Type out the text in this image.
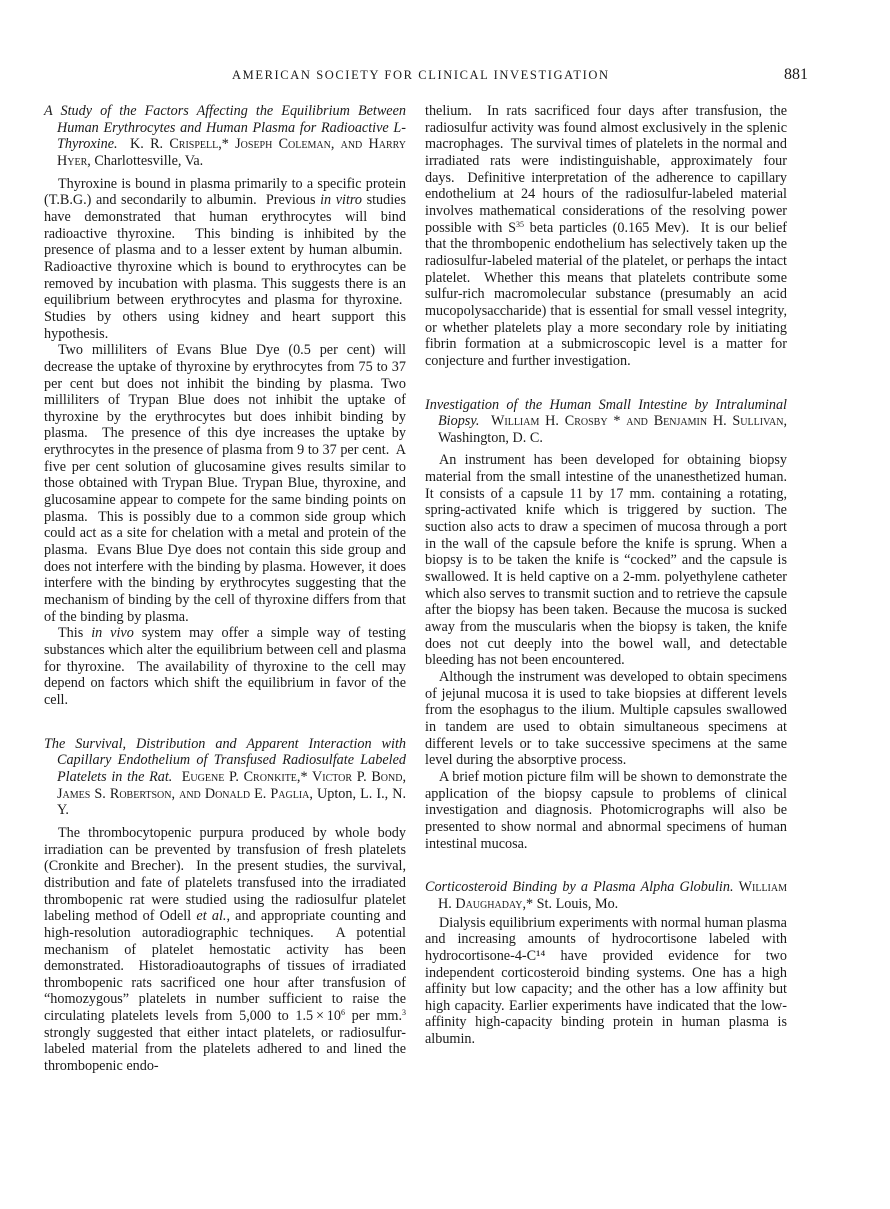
AMERICAN SOCIETY FOR CLINICAL INVESTIGATION	881

A Study of the Factors Affecting the Equilibrium Between Human Erythrocytes and Human Plasma for Radioactive L-Thyroxine. K. R. Crispell,* Joseph Coleman, and Harry Hyer, Charlottesville, Va.

Thyroxine is bound in plasma primarily to a specific protein (T.B.G.) and secondarily to albumin.  Previous in vitro studies have demonstrated that human erythrocytes will bind radioactive thyroxine.  This binding is inhibited by the presence of plasma and to a lesser extent by human albumin.  Radioactive thyroxine which is bound to erythrocytes can be removed by incubation with plasma. This suggests there is an equilibrium between erythrocytes and plasma for thyroxine.  Studies by others using kidney and heart support this hypothesis.

Two milliliters of Evans Blue Dye (0.5 per cent) will decrease the uptake of thyroxine by erythrocytes from 75 to 37 per cent but does not inhibit the binding by plasma. Two milliliters of Trypan Blue does not inhibit the uptake of thyroxine by the erythrocytes but does inhibit binding by plasma.  The presence of this dye increases the uptake by erythrocytes in the presence of plasma from 9 to 37 per cent.  A five per cent solution of glucosamine gives results similar to those obtained with Trypan Blue. Trypan Blue, thyroxine, and glucosamine appear to compete for the same binding points on plasma.  This is possibly due to a common side group which could act as a site for chelation with a metal and protein of the plasma.  Evans Blue Dye does not contain this side group and does not interfere with the binding by plasma. However, it does interfere with the binding by erythrocytes suggesting that the mechanism of binding by the cell of thyroxine differs from that of the binding by plasma.

This in vivo system may offer a simple way of testing substances which alter the equilibrium between cell and plasma for thyroxine.  The availability of thyroxine to the cell may depend on factors which shift the equilibrium in favor of the cell.

The Survival, Distribution and Apparent Interaction with Capillary Endothelium of Transfused Radiosulfate Labeled Platelets in the Rat. Eugene P. Cronkite,* Victor P. Bond, James S. Robertson, and Donald E. Paglia, Upton, L. I., N. Y.

The thrombocytopenic purpura produced by whole body irradiation can be prevented by transfusion of fresh platelets (Cronkite and Brecher).  In the present studies, the survival, distribution and fate of platelets transfused into the irradiated thrombopenic rat were studied using the radiosulfur platelet labeling method of Odell et al., and appropriate counting and high-resolution autoradiographic techniques.  A potential mechanism of platelet hemostatic activity has been demonstrated.  Historadioautographs of tissues of irradiated thrombopenic rats sacrificed one hour after transfusion of “homozygous” platelets in number sufficient to raise the circulating platelets levels from 5,000 to $1.5 \times 10^6$ per mm.$^3$ strongly suggested that either intact platelets, or radiosulfur-labeled material from the platelets adhered to and lined the thrombopenic endo-

thelium.  In rats sacrificed four days after transfusion, the radiosulfur activity was found almost exclusively in the splenic macrophages.  The survival times of platelets in the normal and irradiated rats were indistinguishable, approximately four days.  Definitive interpretation of the adherence to capillary endothelium at 24 hours of the radiosulfur-labeled material involves mathematical considerations of the resolving power possible with $S^{35}$ beta particles (0.165 Mev).  It is our belief that the thrombopenic endothelium has selectively taken up the radiosulfur-labeled material of the platelet, or perhaps the intact platelet.  Whether this means that platelets contribute some sulfur-rich macromolecular substance (presumably an acid mucopolysaccharide) that is essential for small vessel integrity, or whether platelets play a more secondary role by initiating fibrin formation at a submicroscopic level is a matter for conjecture and further investigation.

Investigation of the Human Small Intestine by Intraluminal Biopsy. William H. Crosby * and Benjamin H. Sullivan, Washington, D. C.

An instrument has been developed for obtaining biopsy material from the small intestine of the unanesthetized human. It consists of a capsule 11 by 17 mm. containing a rotating, spring-activated knife which is triggered by suction. The suction also acts to draw a specimen of mucosa through a port in the wall of the capsule before the knife is sprung. When a biopsy is to be taken the knife is “cocked” and the capsule is swallowed. It is held captive on a 2-mm. polyethylene catheter which also serves to transmit suction and to retrieve the capsule after the biopsy has been taken. Because the mucosa is sucked away from the muscularis when the biopsy is taken, the knife does not cut deeply into the bowel wall, and detectable bleeding has not been encountered.

Although the instrument was developed to obtain specimens of jejunal mucosa it is used to take biopsies at different levels from the esophagus to the ilium. Multiple capsules swallowed in tandem are used to obtain simultaneous specimens at different levels or to take successive specimens at the same level during the absorptive process.

A brief motion picture film will be shown to demonstrate the application of the biopsy capsule to problems of clinical investigation and diagnosis. Photomicrographs will also be presented to show normal and abnormal specimens of human intestinal mucosa.

Corticosteroid Binding by a Plasma Alpha Globulin. William H. Daughaday,* St. Louis, Mo.

Dialysis equilibrium experiments with normal human plasma and increasing amounts of hydrocortisone labeled with hydrocortisone-4-C¹⁴ have provided evidence for two independent corticosteroid binding systems. One has a high affinity but low capacity; and the other has a low affinity but high capacity. Earlier experiments have indicated that the low-affinity high-capacity binding protein in human plasma is albumin.
